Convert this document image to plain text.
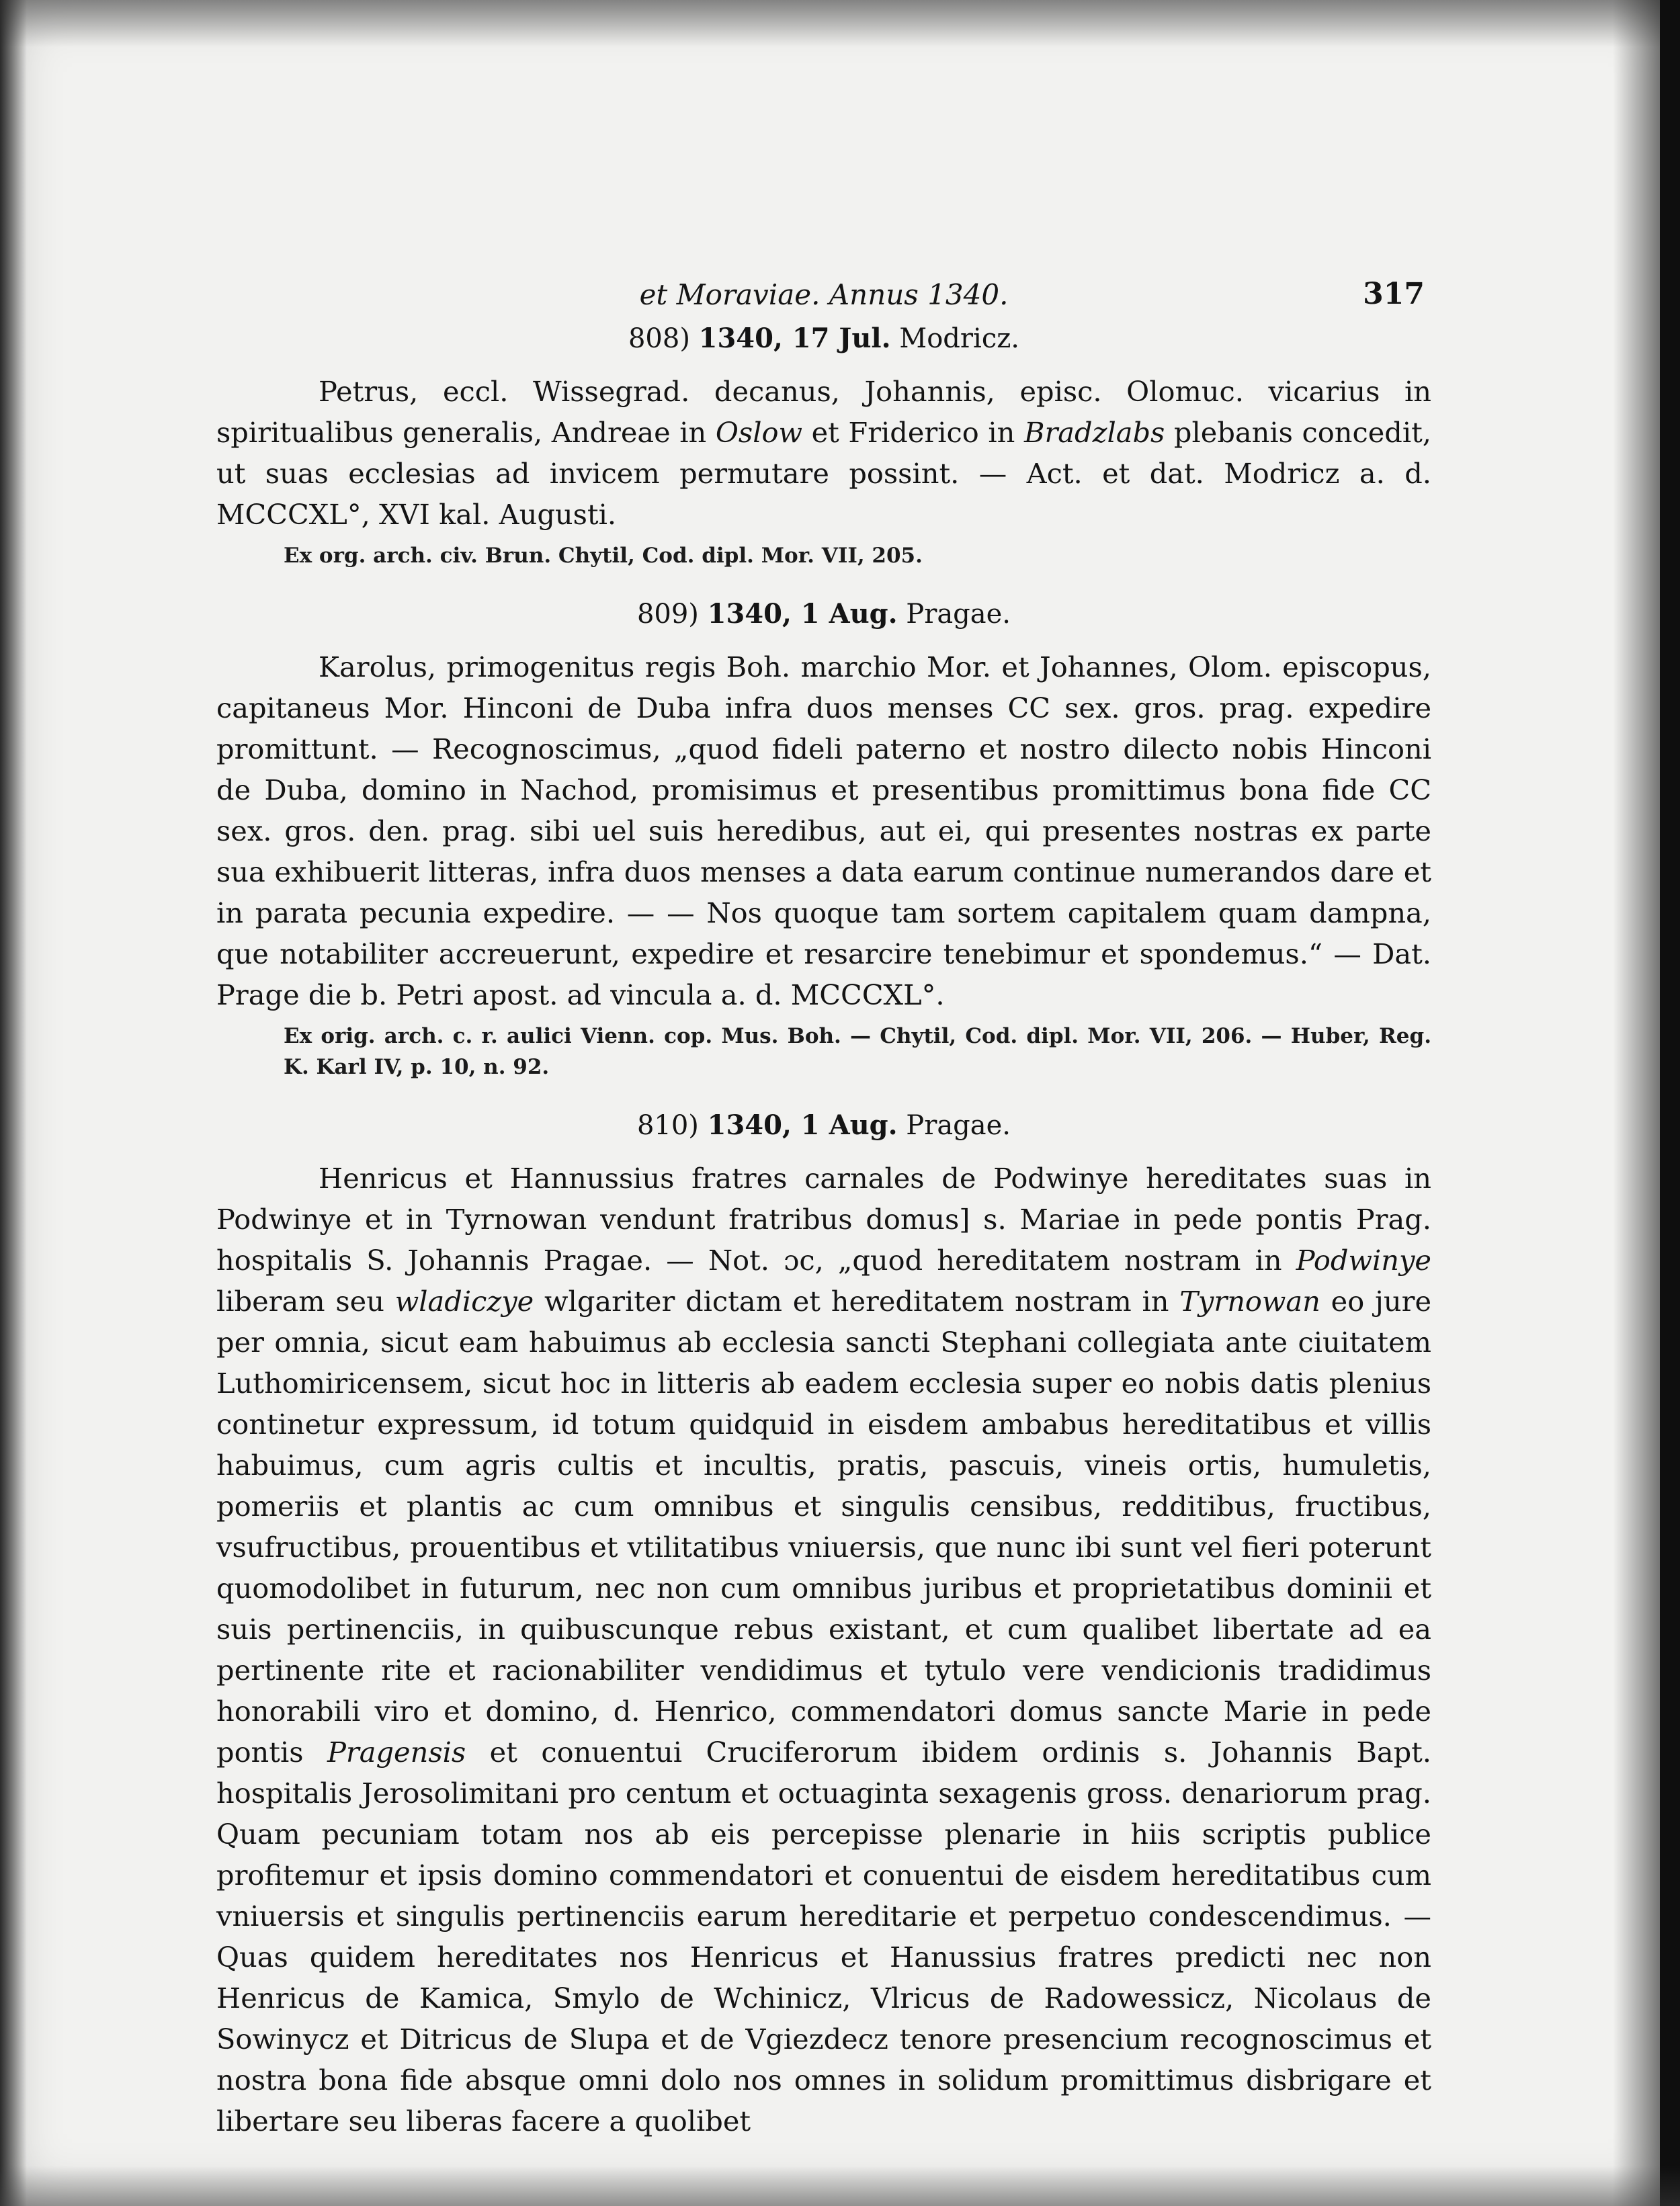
et Moraviae. Annus 1340.	317
808) 1340, 17 Jul. Modricz.

Petrus, eccl. Wissegrad. decanus, Johannis, episc. Olomuc. vicarius in spiritualibus generalis, Andreae in Oslow et Friderico in Bradzlabs plebanis concedit, ut suas ecclesias ad invicem permutare possint. — Act. et dat. Modricz a. d. MCCCXL°, XVI kal. Augusti.

Ex org. arch. civ. Brun. Chytil, Cod. dipl. Mor. VII, 205.

809) 1340, 1 Aug. Pragae.

Karolus, primogenitus regis Boh. marchio Mor. et Johannes, Olom. episcopus, capitaneus Mor. Hinconi de Duba infra duos menses CC sex. gros. prag. expedire promittunt. — Recognoscimus, „quod fideli paterno et nostro dilecto nobis Hinconi de Duba, domino in Nachod, promisimus et presentibus promittimus bona fide CC sex. gros. den. prag. sibi uel suis heredibus, aut ei, qui presentes nostras ex parte sua exhibuerit litteras, infra duos menses a data earum continue numerandos dare et in parata pecunia expedire. — — Nos quoque tam sortem capitalem quam dampna, que notabiliter accreuerunt, expedire et resarcire tenebimur et spondemus.“ — Dat. Prage die b. Petri apost. ad vincula a. d. MCCCXL°.

Ex orig. arch. c. r. aulici Vienn. cop. Mus. Boh. — Chytil, Cod. dipl. Mor. VII, 206. — Huber, Reg. K. Karl IV, p. 10, n. 92.

810) 1340, 1 Aug. Pragae.

Henricus et Hannussius fratres carnales de Podwinye hereditates suas in Podwinye et in Tyrnowan vendunt fratribus domus] s. Mariae in pede pontis Prag. hospitalis S. Johannis Pragae. — Not. ɔc, „quod hereditatem nostram in Podwinye liberam seu wladiczye wlgariter dictam et hereditatem nostram in Tyrnowan eo jure per omnia, sicut eam habuimus ab ecclesia sancti Stephani collegiata ante ciuitatem Luthomiricensem, sicut hoc in litteris ab eadem ecclesia super eo nobis datis plenius continetur expressum, id totum quidquid in eisdem ambabus hereditatibus et villis habuimus, cum agris cultis et incultis, pratis, pascuis, vineis ortis, humuletis, pomeriis et plantis ac cum omnibus et singulis censibus, redditibus, fructibus, vsufructibus, prouentibus et vtilitatibus vniuersis, que nunc ibi sunt vel fieri poterunt quomodolibet in futurum, nec non cum omnibus juribus et proprietatibus dominii et suis pertinenciis, in quibuscunque rebus existant, et cum qualibet libertate ad ea pertinente rite et racionabiliter vendidimus et tytulo vere vendicionis tradidimus honorabili viro et domino, d. Henrico, commendatori domus sancte Marie in pede pontis Pragensis et conuentui Cruciferorum ibidem ordinis s. Johannis Bapt. hospitalis Jerosolimitani pro centum et octuaginta sexagenis gross. denariorum prag. Quam pecuniam totam nos ab eis percepisse plenarie in hiis scriptis publice profitemur et ipsis domino commendatori et conuentui de eisdem hereditatibus cum vniuersis et singulis pertinenciis earum hereditarie et perpetuo condescendimus. — Quas quidem hereditates nos Henricus et Hanussius fratres predicti nec non Henricus de Kamica, Smylo de Wchinicz, Vlricus de Radowessicz, Nicolaus de Sowinycz et Ditricus de Slupa et de Vgiezdecz tenore presencium recognoscimus et nostra bona fide absque omni dolo nos omnes in solidum promittimus disbrigare et libertare seu liberas facere a quolibet
